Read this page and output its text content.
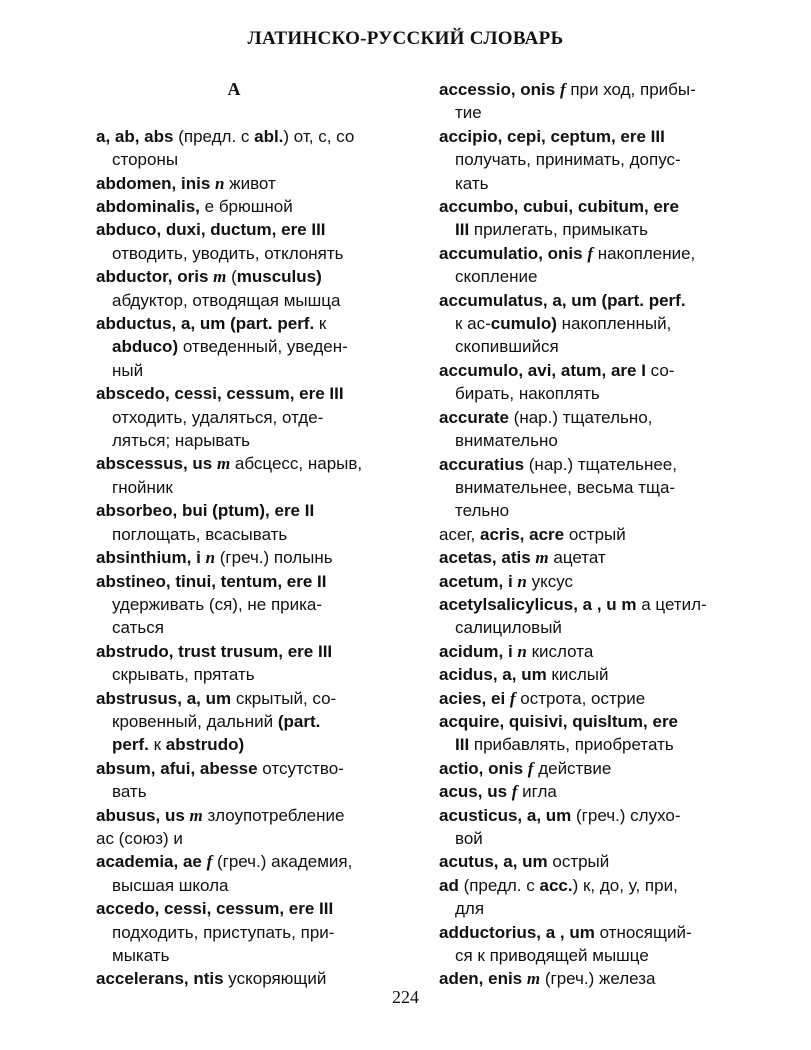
ЛАТИНСКО-РУССКИЙ СЛОВАРЬ
A
a, ab, abs (предл. с abl.) от, с, со
стороны
abdomen, inis n живот
abdominalis, е брюшной
abduco, duxi, ductum, ere III
отводить, уводить, отклонять
abductor, oris m (musculus)
абдуктор, отводящая мышца
abductus, a, um (part. perf. к
abduco) отведенный, уведен-
ный
abscedo, cessi, cessum, ere III
отходить, удаляться, отде-
ляться; нарывать
abscessus, us m абсцесс, нарыв,
гнойник
absorbeo, bui (ptum), ere II
поглощать, всасывать
absinthium, i n (греч.) полынь
abstineo, tinui, tentum, ere II
удерживать (ся), не прика-
саться
abstrudo, trust trusum, ere III
скрывать, прятать
abstrusus, a, um скрытый, со-
кровенный, дальний (part.
perf. к abstrudo)
absum, afui, abesse отсутство-
вать
abusus, us m злоупотребление
ас (союз) и
academia, ae f (греч.) академия,
высшая школа
accedo, cessi, cessum, ere III
подходить, приступать, при-
мыкать
accelerans, ntis ускоряющий
accessio, onis f при ход, прибы-
тие
accipio, cepi, ceptum, ere III
получать, принимать, допус-
кать
accumbo, cubui, cubitum, ere
III прилегать, примыкать
accumulatio, onis f накопление,
скопление
accumulatus, a, um (part. perf.
к ас-cumulo) накопленный,
скопившийся
accumulo, avi, atum, are I со-
бирать, накоплять
accurate (нар.) тщательно,
внимательно
accuratius (нар.) тщательнее,
внимательнее, весьма тща-
тельно
асег, acris, acre острый
acetas, atis m ацетат
acetum, i n уксус
acetylsalicylicus, a , u m а цетил-
салициловый
acidum, i n кислота
acidus, a, um кислый
acies, ei f острота, острие
acquire, quisivi, quisltum, ere
III прибавлять, приобретать
actio, onis f действие
acus, us f игла
acusticus, a, um (греч.) слухо-
вой
acutus, a, um острый
ad (предл. с acc.) к, до, у, при,
для
adductorius, a , um относящий-
ся к приводящей мышце
aden, enis m (греч.) железа
224
